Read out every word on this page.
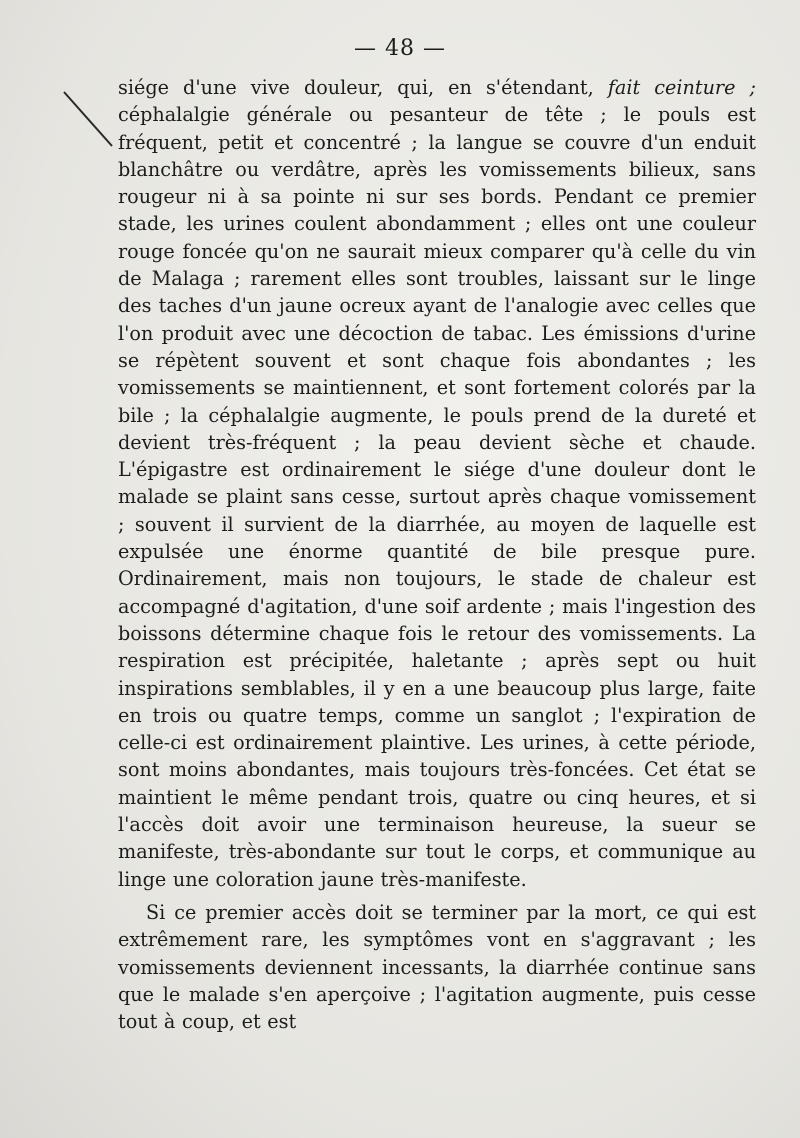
— 48 —

siége d'une vive douleur, qui, en s'étendant, fait ceinture ; céphalalgie générale ou pesanteur de tête ; le pouls est fréquent, petit et concentré ; la langue se couvre d'un enduit blanchâtre ou verdâtre, après les vomissements bilieux, sans rougeur ni à sa pointe ni sur ses bords. Pendant ce premier stade, les urines coulent abondamment ; elles ont une couleur rouge foncée qu'on ne saurait mieux comparer qu'à celle du vin de Malaga ; rarement elles sont troubles, laissant sur le linge des taches d'un jaune ocreux ayant de l'analogie avec celles que l'on produit avec une décoction de tabac. Les émissions d'urine se répètent souvent et sont chaque fois abondantes ; les vomissements se maintiennent, et sont fortement colorés par la bile ; la céphalalgie augmente, le pouls prend de la dureté et devient très-fréquent ; la peau devient sèche et chaude. L'épigastre est ordinairement le siége d'une douleur dont le malade se plaint sans cesse, surtout après chaque vomissement ; souvent il survient de la diarrhée, au moyen de laquelle est expulsée une énorme quantité de bile presque pure. Ordinairement, mais non toujours, le stade de chaleur est accompagné d'agitation, d'une soif ardente ; mais l'ingestion des boissons détermine chaque fois le retour des vomissements. La respiration est précipitée, haletante ; après sept ou huit inspirations semblables, il y en a une beaucoup plus large, faite en trois ou quatre temps, comme un sanglot ; l'expiration de celle-ci est ordinairement plaintive. Les urines, à cette période, sont moins abondantes, mais toujours très-foncées. Cet état se maintient le même pendant trois, quatre ou cinq heures, et si l'accès doit avoir une terminaison heureuse, la sueur se manifeste, très-abondante sur tout le corps, et communique au linge une coloration jaune très-manifeste.

Si ce premier accès doit se terminer par la mort, ce qui est extrêmement rare, les symptômes vont en s'aggravant ; les vomissements deviennent incessants, la diarrhée continue sans que le malade s'en aperçoive ; l'agitation augmente, puis cesse tout à coup, et est
